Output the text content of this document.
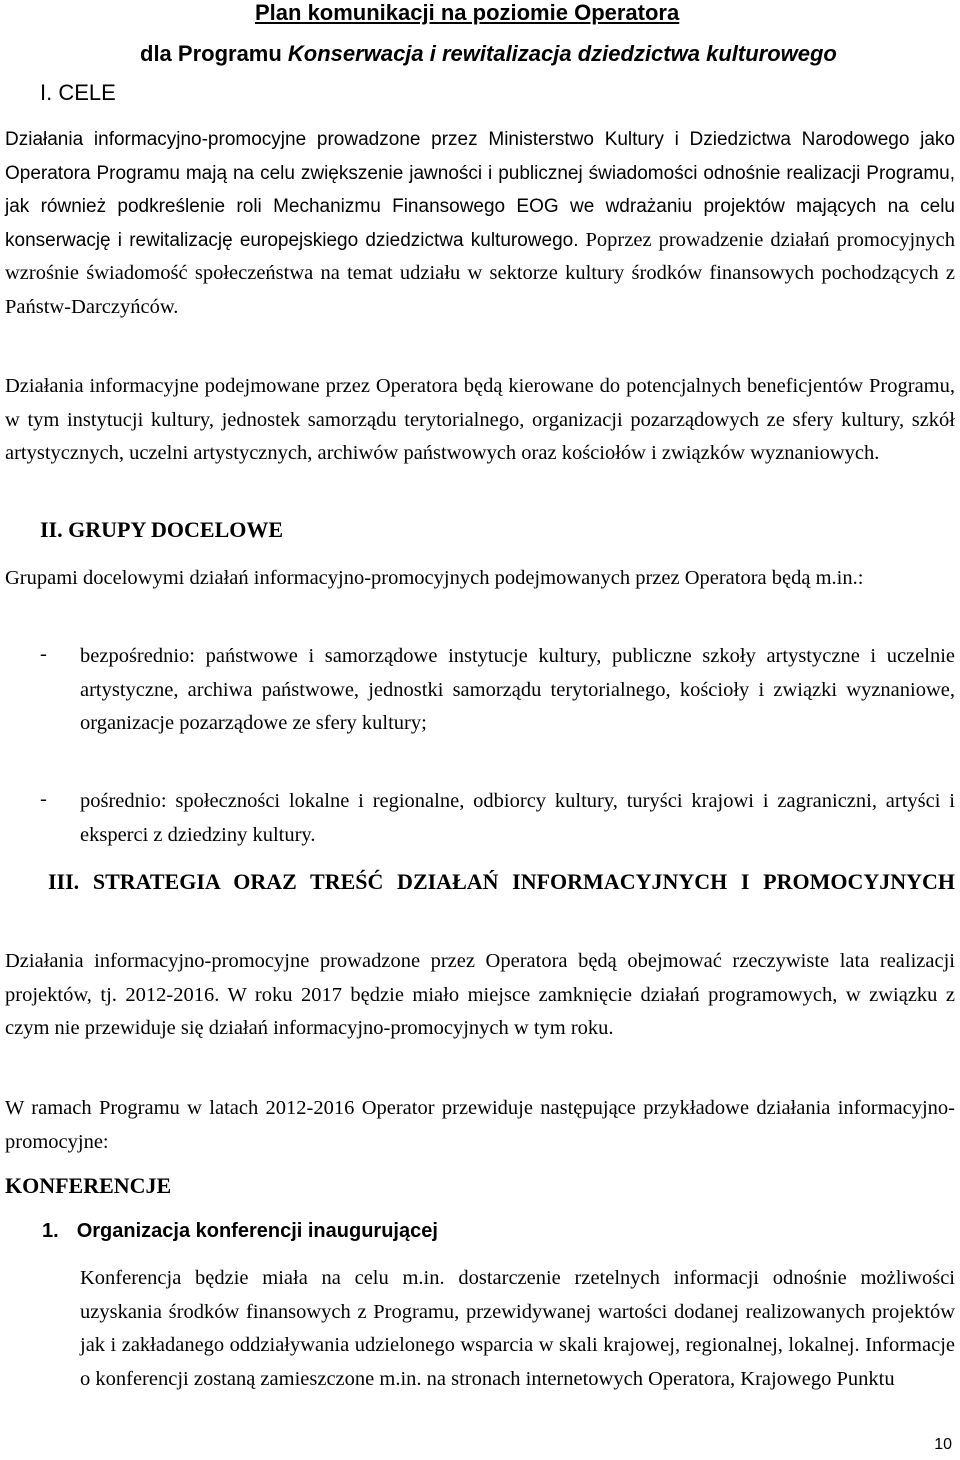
Plan komunikacji na poziomie Operatora
dla Programu Konserwacja i rewitalizacja dziedzictwa kulturowego
I. CELE
Działania informacyjno-promocyjne prowadzone przez Ministerstwo Kultury i Dziedzictwa Narodowego jako Operatora Programu mają na celu zwiększenie jawności i publicznej świadomości odnośnie realizacji Programu, jak również podkreślenie roli Mechanizmu Finansowego EOG we wdrażaniu projektów mających na celu konserwację i rewitalizację europejskiego dziedzictwa kulturowego. Poprzez prowadzenie działań promocyjnych wzrośnie świadomość społeczeństwa na temat udziału w sektorze kultury środków finansowych pochodzących z Państw-Darczyńców.
Działania informacyjne podejmowane przez Operatora będą kierowane do potencjalnych beneficjentów Programu, w tym instytucji kultury, jednostek samorządu terytorialnego, organizacji pozarządowych ze sfery kultury, szkół artystycznych, uczelni artystycznych, archiwów państwowych oraz kościołów i związków wyznaniowych.
II. GRUPY DOCELOWE
Grupami docelowymi działań informacyjno-promocyjnych podejmowanych przez Operatora będą m.in.:
- bezpośrednio: państwowe i samorządowe instytucje kultury, publiczne szkoły artystyczne i uczelnie artystyczne, archiwa państwowe, jednostki samorządu terytorialnego, kościoły i związki wyznaniowe, organizacje pozarządowe ze sfery kultury;
- pośrednio: społeczności lokalne i regionalne, odbiorcy kultury, turyści krajowi i zagraniczni, artyści i eksperci z dziedziny kultury.
III. STRATEGIA ORAZ TREŚĆ DZIAŁAŃ INFORMACYJNYCH I PROMOCYJNYCH
Działania informacyjno-promocyjne prowadzone przez Operatora będą obejmować rzeczywiste lata realizacji projektów, tj. 2012-2016. W roku 2017 będzie miało miejsce zamknięcie działań programowych, w związku z czym nie przewiduje się działań informacyjno-promocyjnych w tym roku.
W ramach Programu w latach 2012-2016 Operator przewiduje następujące przykładowe działania informacyjno-promocyjne:
KONFERENCJE
1. Organizacja konferencji inaugurującej
Konferencja będzie miała na celu m.in. dostarczenie rzetelnych informacji odnośnie możliwości uzyskania środków finansowych z Programu, przewidywanej wartości dodanej realizowanych projektów jak i zakładanego oddziaływania udzielonego wsparcia w skali krajowej, regionalnej, lokalnej. Informacje o konferencji zostaną zamieszczone m.in. na stronach internetowych Operatora, Krajowego Punktu
10
